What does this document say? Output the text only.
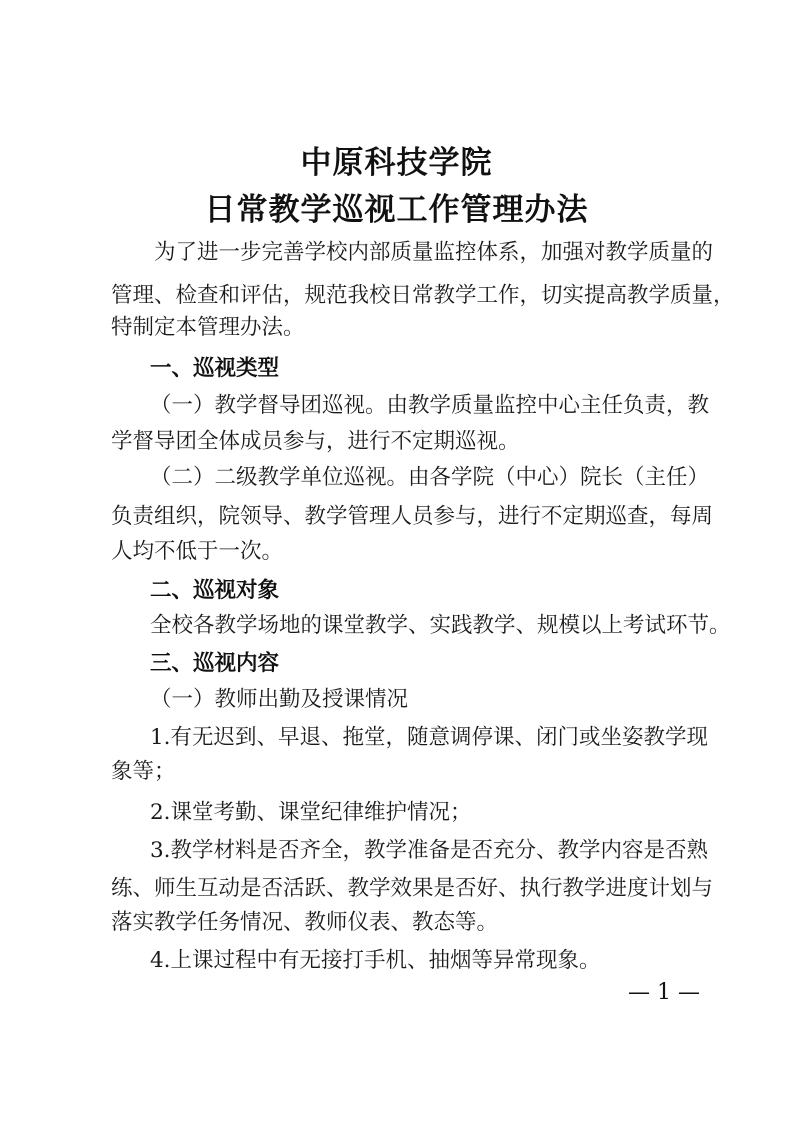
中原科技学院
日常教学巡视工作管理办法
为了进一步完善学校内部质量监控体系，加强对教学质量的
管理、检查和评估，规范我校日常教学工作，切实提高教学质量，
特制定本管理办法。
一、巡视类型
（一）教学督导团巡视。由教学质量监控中心主任负责，教
学督导团全体成员参与，进行不定期巡视。
（二）二级教学单位巡视。由各学院（中心）院长（主任）
负责组织，院领导、教学管理人员参与，进行不定期巡查，每周
人均不低于一次。
二、巡视对象
全校各教学场地的课堂教学、实践教学、规模以上考试环节。
三、巡视内容
（一）教师出勤及授课情况
1.有无迟到、早退、拖堂，随意调停课、闭门或坐姿教学现
象等；
2.课堂考勤、课堂纪律维护情况；
3.教学材料是否齐全，教学准备是否充分、教学内容是否熟
练、师生互动是否活跃、教学效果是否好、执行教学进度计划与
落实教学任务情况、教师仪表、教态等。
4.上课过程中有无接打手机、抽烟等异常现象。
— 1 —
